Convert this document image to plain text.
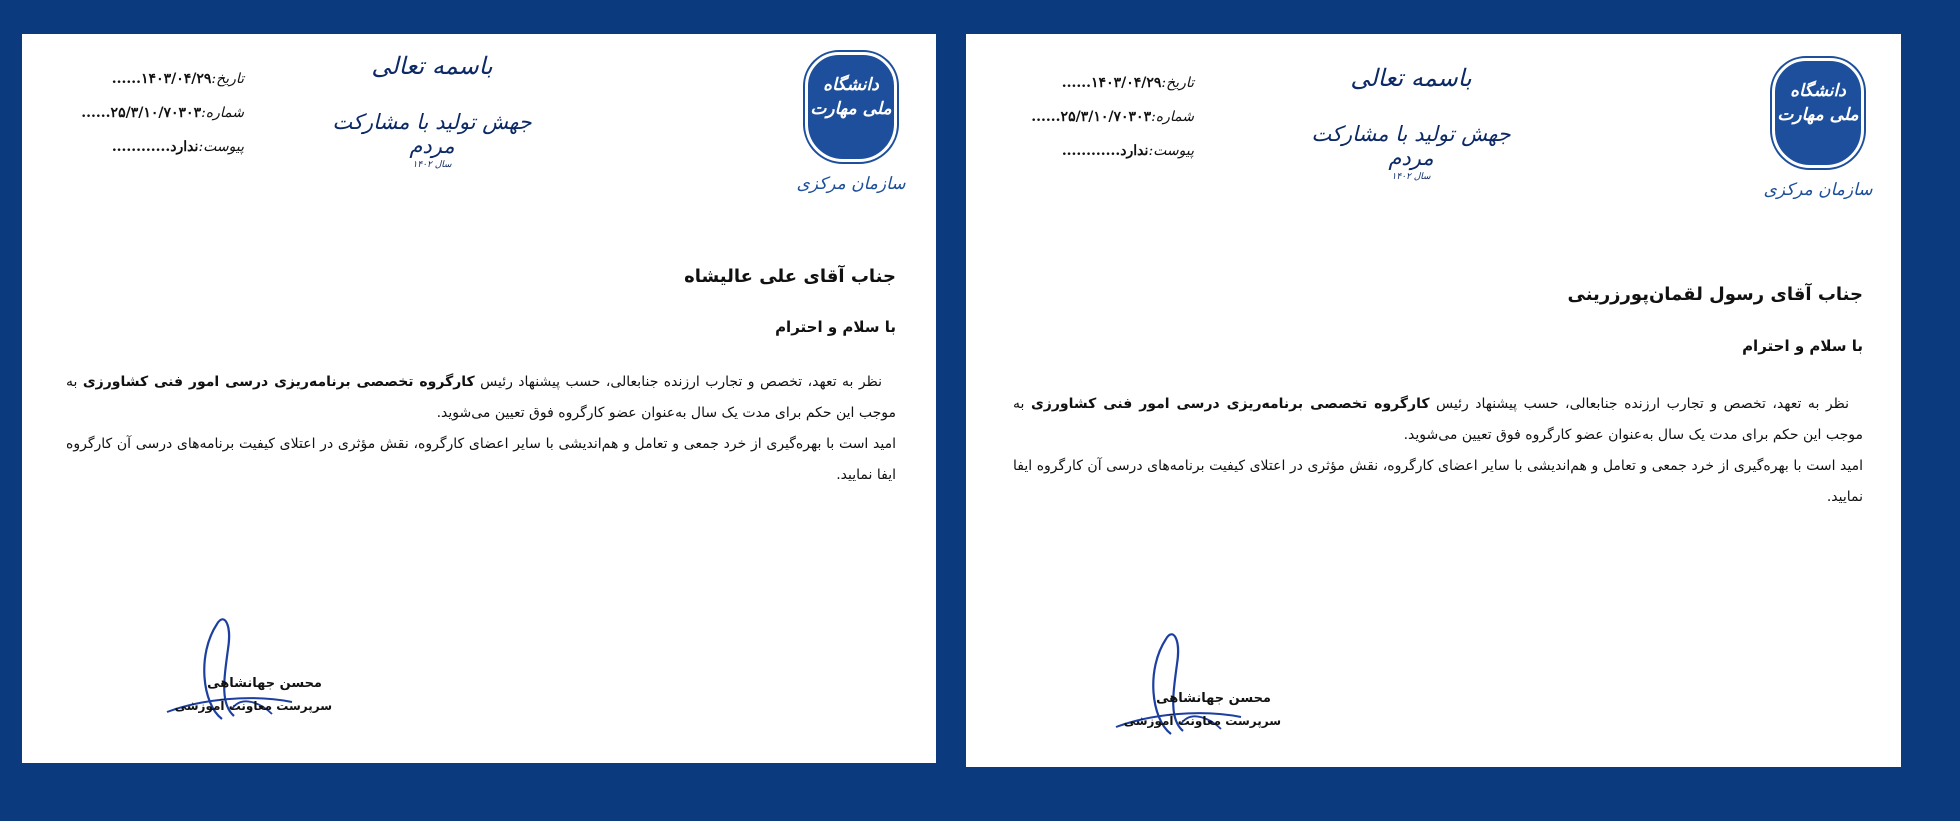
تاریخ:۱۴۰۳/۰۴/۲۹......
شماره:۲۵/۳/۱۰/۷۰۳۰۳......
پیوست:ندارد............
باسمه تعالی
جهش تولید با مشارکت مردم
سال ۱۴۰۲
دانشگاه ملی مهارت
سازمان مرکزی
جناب آقای علی عالیشاه
با سلام و احترام

نظر به تعهد، تخصص و تجارب ارزنده جنابعالی، حسب پیشنهاد رئیس کارگروه تخصصی برنامه‌ریزی درسی امور فنی کشاورزی به موجب این حکم برای مدت یک سال به‌عنوان عضو کارگروه فوق تعیین می‌شوید.

امید است با بهره‌گیری از خرد جمعی و تعامل و هم‌اندیشی با سایر اعضای کارگروه، نقش مؤثری در اعتلای کیفیت برنامه‌های درسی آن کارگروه ایفا نمایید.

محسن جهانشاهی
سرپرست معاونت آموزشی
تاریخ:۱۴۰۳/۰۴/۲۹......
شماره:۲۵/۳/۱۰/۷۰۳۰۳......
پیوست:ندارد............
باسمه تعالی
جهش تولید با مشارکت مردم
سال ۱۴۰۲
دانشگاه ملی مهارت
سازمان مرکزی
جناب آقای رسول لقمان‌پورزرینی
با سلام و احترام

نظر به تعهد، تخصص و تجارب ارزنده جنابعالی، حسب پیشنهاد رئیس کارگروه تخصصی برنامه‌ریزی درسی امور فنی کشاورزی به موجب این حکم برای مدت یک سال به‌عنوان عضو کارگروه فوق تعیین می‌شوید.

امید است با بهره‌گیری از خرد جمعی و تعامل و هم‌اندیشی با سایر اعضای کارگروه، نقش مؤثری در اعتلای کیفیت برنامه‌های درسی آن کارگروه ایفا نمایید.

محسن جهانشاهی
سرپرست معاونت آموزشی
